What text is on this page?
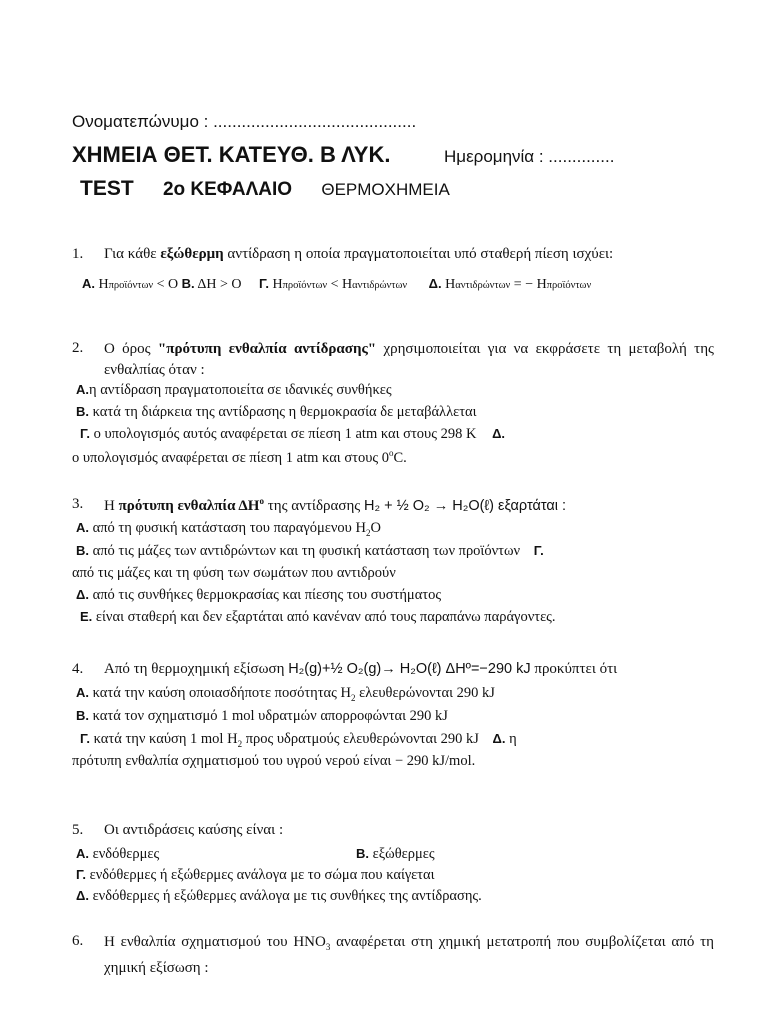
Ονοματεπώνυμο : ...........................................
ΧΗΜΕΙΑ ΘΕΤ. ΚΑΤΕΥΘ. Β ΛΥΚ.	Ημερομηνία : ..............
TEST 2ο ΚΕΦΑΛΑΙΟ ΘΕΡΜΟΧΗΜΕΙΑ
1. Για κάθε εξώθερμη αντίδραση η οποία πραγματοποιείται υπό σταθερή πίεση ισχύει:
Α. Ηπροϊόντων < O Β. ΔΗ > O Γ. Ηπροϊόντων < Ηαντιδρώντων Δ. Ηαντιδρώντων = − Ηπροϊόντων
2. Ο όρος "πρότυπη ενθαλπία αντίδρασης" χρησιμοποιείται για να εκφράσετε τη μεταβολή της ενθαλπίας όταν :
Α.η αντίδραση πραγματοποιείτα σε ιδανικές συνθήκες
Β. κατά τη διάρκεια της αντίδρασης η θερμοκρασία δε μεταβάλλεται
Γ. ο υπολογισμός αυτός αναφέρεται σε πίεση 1 atm και στους 298 K Δ.
ο υπολογισμός αναφέρεται σε πίεση 1 atm και στους 0$^o$C.
3. Η πρότυπη ενθαλπία $\Delta H^o$ της αντίδρασης H₂ + ½ O₂ → H₂O(ℓ) εξαρτάται :
Α. από τη φυσική κατάσταση του παραγόμενου $H_2O$
Β. από τις μάζες των αντιδρώντων και τη φυσική κατάσταση των προϊόντων Γ.
από τις μάζες και τη φύση των σωμάτων που αντιδρούν
Δ. από τις συνθήκες θερμοκρασίας και πίεσης του συστήματος
Ε. είναι σταθερή και δεν εξαρτάται από κανέναν από τους παραπάνω παράγοντες.
4. Από τη θερμοχημική εξίσωση H₂(g)+½ O₂(g)→ H₂O(ℓ) ΔHº=−290 kJ προκύπτει ότι
Α. κατά την καύση οποιασδήποτε ποσότητας $H_2$ ελευθερώνονται 290 kJ
Β. κατά τον σχηματισμό 1 mol υδρατμών απορροφώνται 290 kJ
Γ. κατά την καύση 1 mol $H_2$ προς υδρατμούς ελευθερώνονται 290 kJ Δ. η
πρότυπη ενθαλπία σχηματισμού του υγρού νερού είναι − 290 kJ/mol.
5. Οι αντιδράσεις καύσης είναι :
Α. ενδόθερμες	Β. εξώθερμες
Γ. ενδόθερμες ή εξώθερμες ανάλογα με το σώμα που καίγεται
Δ. ενδόθερμες ή εξώθερμες ανάλογα με τις συνθήκες της αντίδρασης.
6. Η ενθαλπία σχηματισμού του $HNO_3$ αναφέρεται στη χημική μετατροπή που συμβολίζεται από τη χημική εξίσωση :
